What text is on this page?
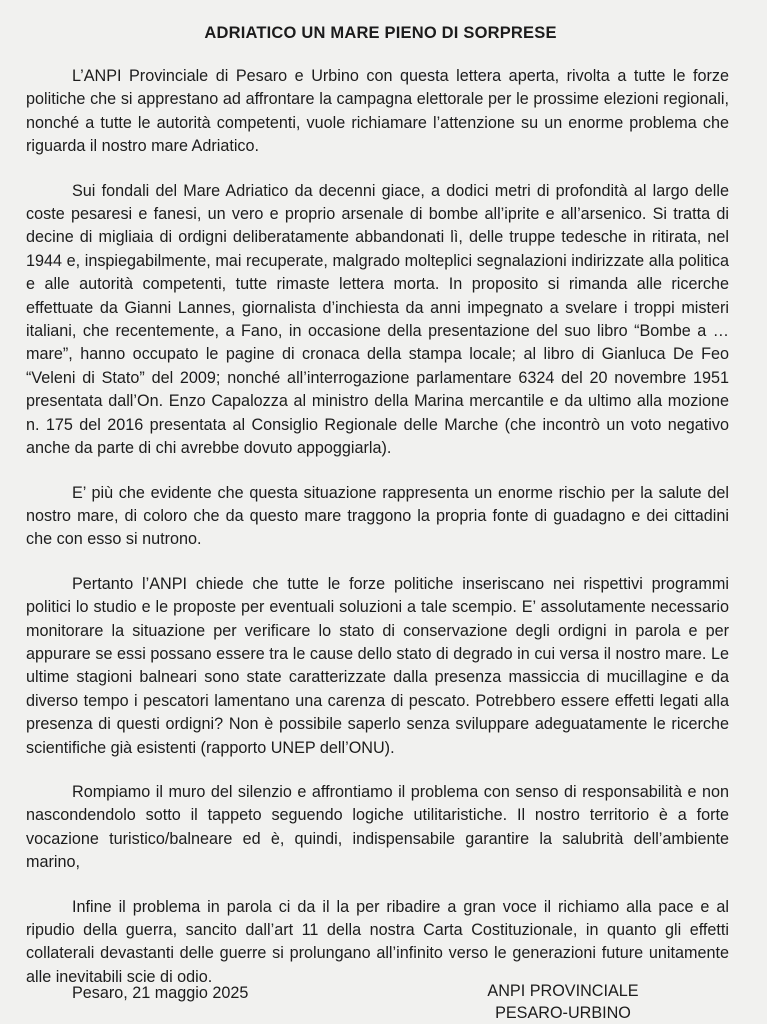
ADRIATICO UN MARE PIENO DI SORPRESE

L’ANPI Provinciale di Pesaro e Urbino con questa lettera aperta, rivolta a tutte le forze politiche che si apprestano ad affrontare la campagna elettorale per le prossime elezioni regionali, nonché a tutte le autorità competenti, vuole richiamare l’attenzione su un enorme problema che riguarda il nostro mare Adriatico.

Sui fondali del Mare Adriatico da decenni giace, a dodici metri di profondità al largo delle coste pesaresi e fanesi, un vero e proprio arsenale di bombe all’iprite e all’arsenico. Si tratta di decine di migliaia di ordigni deliberatamente abbandonati lì, delle truppe tedesche in ritirata, nel 1944 e, inspiegabilmente, mai recuperate, malgrado molteplici segnalazioni indirizzate alla politica e alle autorità competenti, tutte rimaste lettera morta. In proposito si rimanda alle ricerche effettuate da Gianni Lannes, giornalista d’inchiesta da anni impegnato a svelare i troppi misteri italiani, che recentemente, a Fano, in occasione della presentazione del suo libro “Bombe a … mare”, hanno occupato le pagine di cronaca della stampa locale; al libro di Gianluca De Feo “Veleni di Stato” del 2009; nonché all’interrogazione parlamentare 6324 del 20 novembre 1951 presentata dall’On. Enzo Capalozza al ministro della Marina mercantile e da ultimo alla mozione n. 175 del 2016 presentata al Consiglio Regionale delle Marche (che incontrò un voto negativo anche da parte di chi avrebbe dovuto appoggiarla).

E’ più che evidente che questa situazione rappresenta un enorme rischio per la salute del nostro mare, di coloro che da questo mare traggono la propria fonte di guadagno e dei cittadini che con esso si nutrono.

Pertanto l’ANPI chiede che tutte le forze politiche inseriscano nei rispettivi programmi politici lo studio e le proposte per eventuali soluzioni a tale scempio. E’ assolutamente necessario monitorare la situazione per verificare lo stato di conservazione degli ordigni in parola e per appurare se essi possano essere tra le cause dello stato di degrado in cui versa il nostro mare. Le ultime stagioni balneari sono state caratterizzate dalla presenza massiccia di mucillagine e da diverso tempo i pescatori lamentano una carenza di pescato. Potrebbero essere effetti legati alla presenza di questi ordigni? Non è possibile saperlo senza sviluppare adeguatamente le ricerche scientifiche già esistenti (rapporto UNEP dell’ONU).

Rompiamo il muro del silenzio e affrontiamo il problema con senso di responsabilità e non nascondendolo sotto il tappeto seguendo logiche utilitaristiche. Il nostro territorio è a forte vocazione turistico/balneare ed è, quindi, indispensabile garantire la salubrità dell’ambiente marino,

Infine il problema in parola ci da il la per ribadire a gran voce il richiamo alla pace e al ripudio della guerra, sancito dall’art 11 della nostra Carta Costituzionale, in quanto gli effetti collaterali devastanti delle guerre si prolungano all’infinito verso le generazioni future unitamente alle inevitabili scie di odio.

Pesaro, 21 maggio 2025	ANPI PROVINCIALE
PESARO-URBINO
